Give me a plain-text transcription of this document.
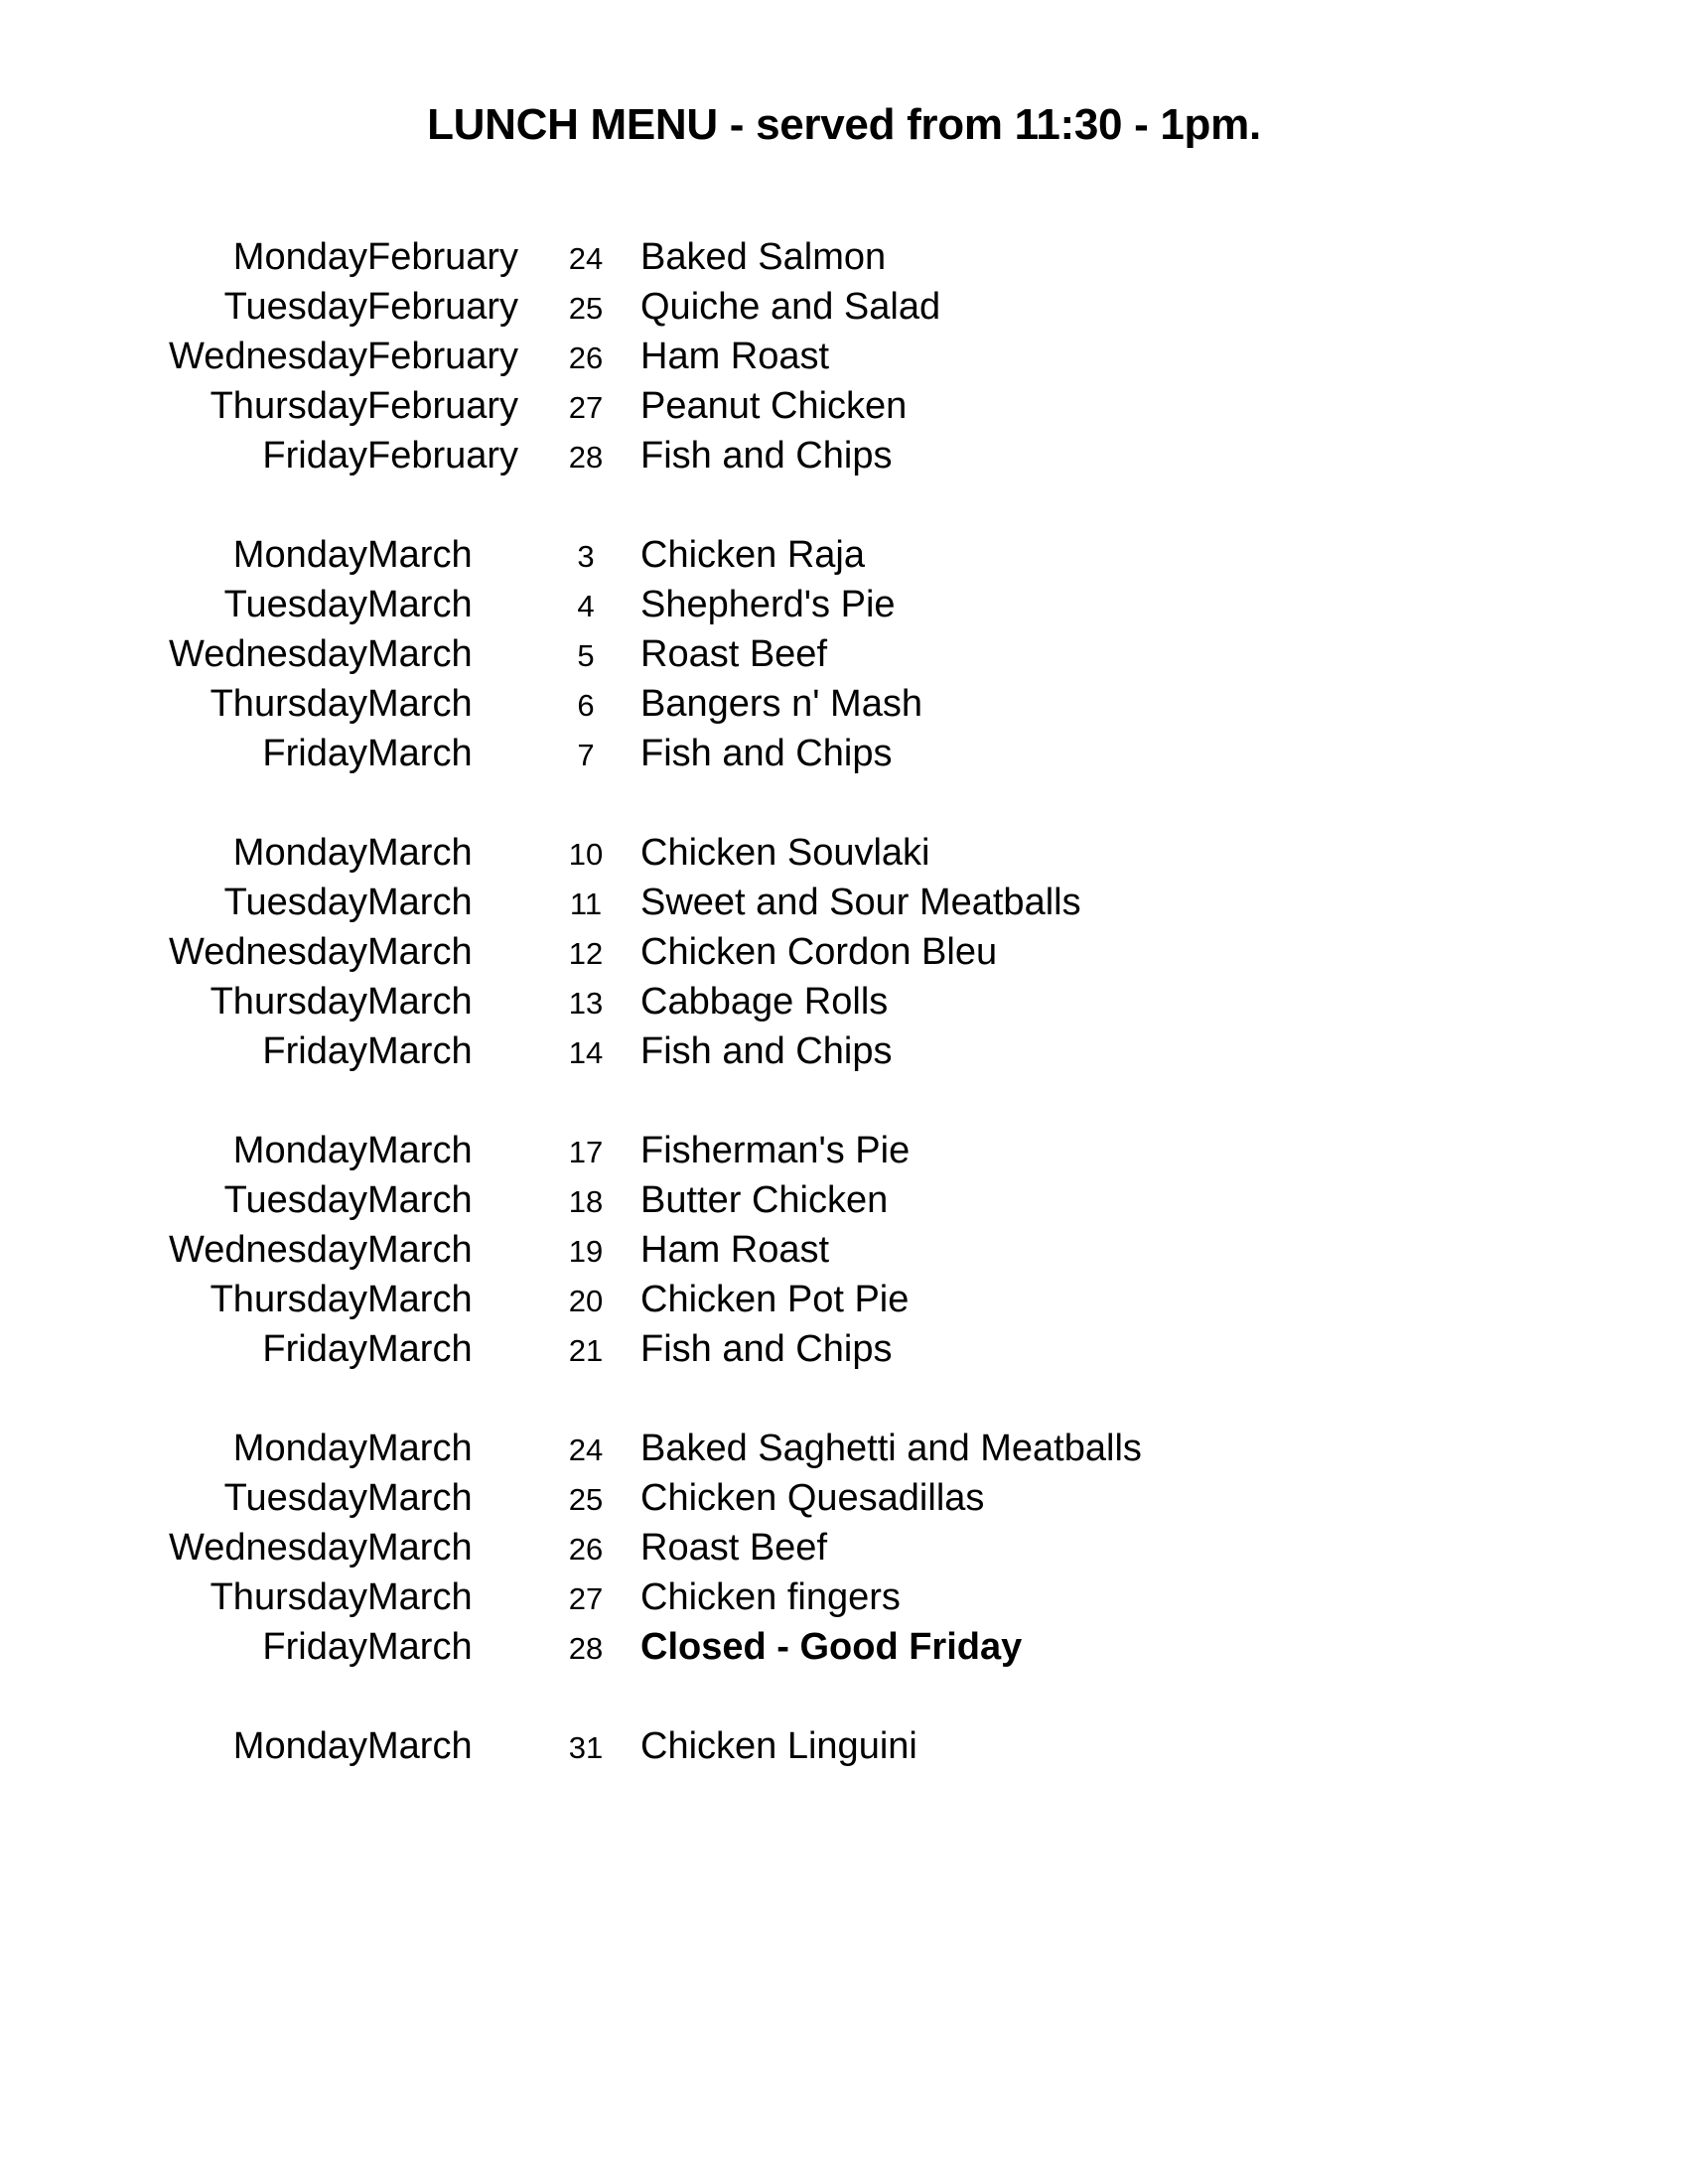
LUNCH MENU - served from 11:30 - 1pm.
	Monday	February	24	Baked Salmon
	Tuesday	February	25	Quiche and Salad
	Wednesday	February	26	Ham Roast
	Thursday	February	27	Peanut Chicken
	Friday	February	28	Fish and Chips

	Monday	March	3	Chicken Raja
	Tuesday	March	4	Shepherd's Pie
	Wednesday	March	5	Roast Beef
	Thursday	March	6	Bangers n' Mash
	Friday	March	7	Fish and Chips

	Monday	March	10	Chicken Souvlaki
	Tuesday	March	11	Sweet and Sour Meatballs
	Wednesday	March	12	Chicken Cordon Bleu
	Thursday	March	13	Cabbage Rolls
	Friday	March	14	Fish and Chips

	Monday	March	17	Fisherman's Pie
	Tuesday	March	18	Butter Chicken
	Wednesday	March	19	Ham Roast
	Thursday	March	20	Chicken Pot Pie
	Friday	March	21	Fish and Chips

	Monday	March	24	Baked Saghetti and Meatballs
	Tuesday	March	25	Chicken Quesadillas
	Wednesday	March	26	Roast Beef
	Thursday	March	27	Chicken fingers
	Friday	March	28	Closed - Good Friday

	Monday	March	31	Chicken Linguini
